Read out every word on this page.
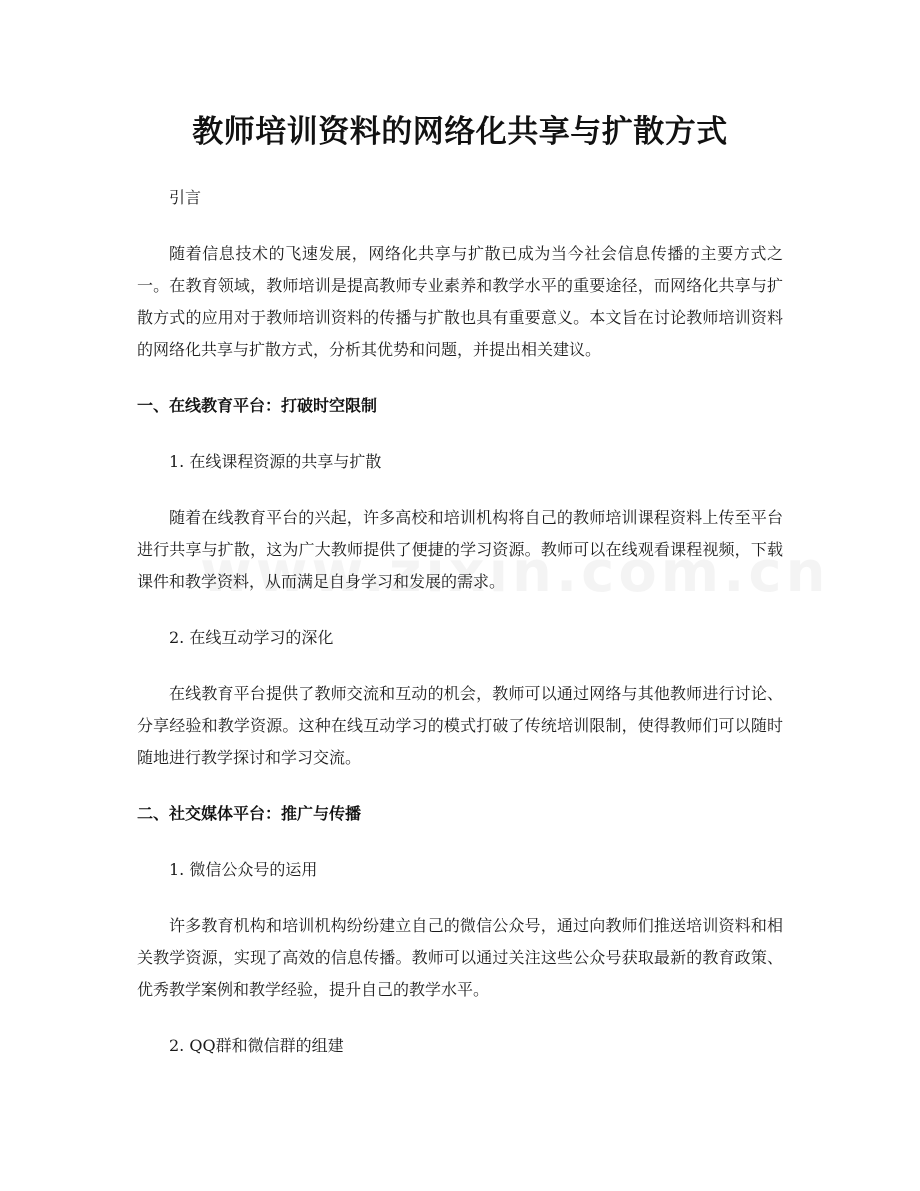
教师培训资料的网络化共享与扩散方式

引言

随着信息技术的飞速发展，网络化共享与扩散已成为当今社会信息传播的主要方式之一。在教育领域，教师培训是提高教师专业素养和教学水平的重要途径，而网络化共享与扩散方式的应用对于教师培训资料的传播与扩散也具有重要意义。本文旨在讨论教师培训资料的网络化共享与扩散方式，分析其优势和问题，并提出相关建议。

一、在线教育平台：打破时空限制

1. 在线课程资源的共享与扩散

随着在线教育平台的兴起，许多高校和培训机构将自己的教师培训课程资料上传至平台进行共享与扩散，这为广大教师提供了便捷的学习资源。教师可以在线观看课程视频，下载课件和教学资料，从而满足自身学习和发展的需求。

2. 在线互动学习的深化

在线教育平台提供了教师交流和互动的机会，教师可以通过网络与其他教师进行讨论、分享经验和教学资源。这种在线互动学习的模式打破了传统培训限制，使得教师们可以随时随地进行教学探讨和学习交流。

二、社交媒体平台：推广与传播

1. 微信公众号的运用

许多教育机构和培训机构纷纷建立自己的微信公众号，通过向教师们推送培训资料和相关教学资源，实现了高效的信息传播。教师可以通过关注这些公众号获取最新的教育政策、优秀教学案例和教学经验，提升自己的教学水平。

2. QQ群和微信群的组建
